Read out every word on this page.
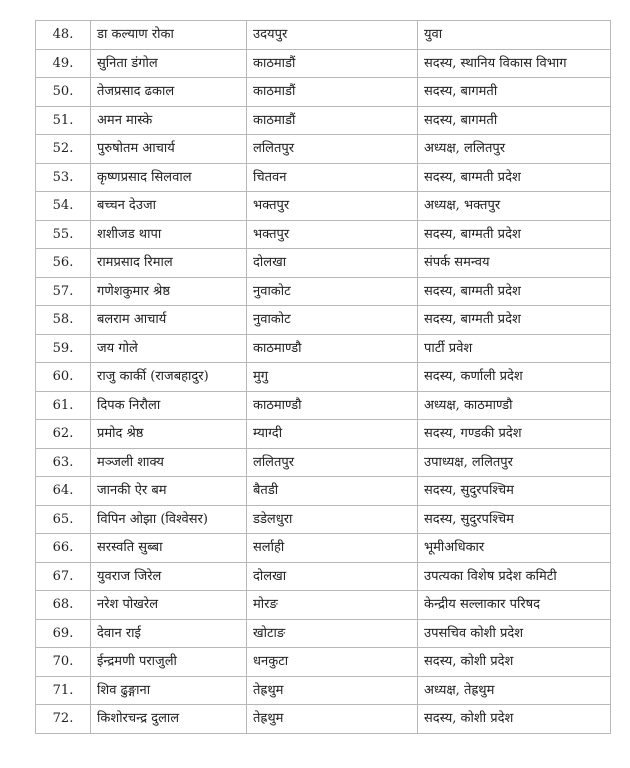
48.	डा कल्याण रोका	उदयपुर	युवा
49.	सुनिता डंगोल	काठमाडौं	सदस्य, स्थानिय विकास विभाग
50.	तेजप्रसाद ढकाल	काठमाडौं	सदस्य, बागमती
51.	अमन मास्के	काठमाडौं	सदस्य, बागमती
52.	पुरुषोतम आचार्य	ललितपुर	अध्यक्ष, ललितपुर
53.	कृष्णप्रसाद सिलवाल	चितवन	सदस्य, बाग्मती प्रदेश
54.	बच्चन देउजा	भक्तपुर	अध्यक्ष, भक्तपुर
55.	शशीजड थापा	भक्तपुर	सदस्य, बाग्मती प्रदेश
56.	रामप्रसाद रिमाल	दोलखा	संपर्क समन्वय
57.	गणेशकुमार श्रेष्ठ	नुवाकोट	सदस्य, बाग्मती प्रदेश
58.	बलराम आचार्य	नुवाकोट	सदस्य, बाग्मती प्रदेश
59.	जय गोले	काठमाण्डौ	पार्टी प्रवेश
60.	राजु कार्की (राजबहादुर)	मुगु	सदस्य, कर्णाली प्रदेश
61.	दिपक निरौला	काठमाण्डौ	अध्यक्ष, काठमाण्डौ
62.	प्रमोद श्रेष्ठ	म्याग्दी	सदस्य, गण्डकी प्रदेश
63.	मञ्जली शाक्य	ललितपुर	उपाध्यक्ष, ललितपुर
64.	जानकी ऐर बम	बैतडी	सदस्य, सुदुरपश्चिम
65.	विपिन ओझा (विश्वेसर)	डडेलधुरा	सदस्य, सुदुरपश्चिम
66.	सरस्वति सुब्बा	सर्लाही	भूमीअधिकार
67.	युवराज जिरेल	दोलखा	उपत्यका विशेष प्रदेश कमिटी
68.	नरेश पोखरेल	मोरङ	केन्द्रीय सल्लाकार परिषद
69.	देवान राई	खोटाङ	उपसचिव कोशी प्रदेश
70.	ईन्द्रमणी पराजुली	धनकुटा	सदस्य, कोशी प्रदेश
71.	शिव ढुङ्गाना	तेह्रथुम	अध्यक्ष, तेह्रथुम
72.	किशोरचन्द्र दुलाल	तेह्रथुम	सदस्य, कोशी प्रदेश
